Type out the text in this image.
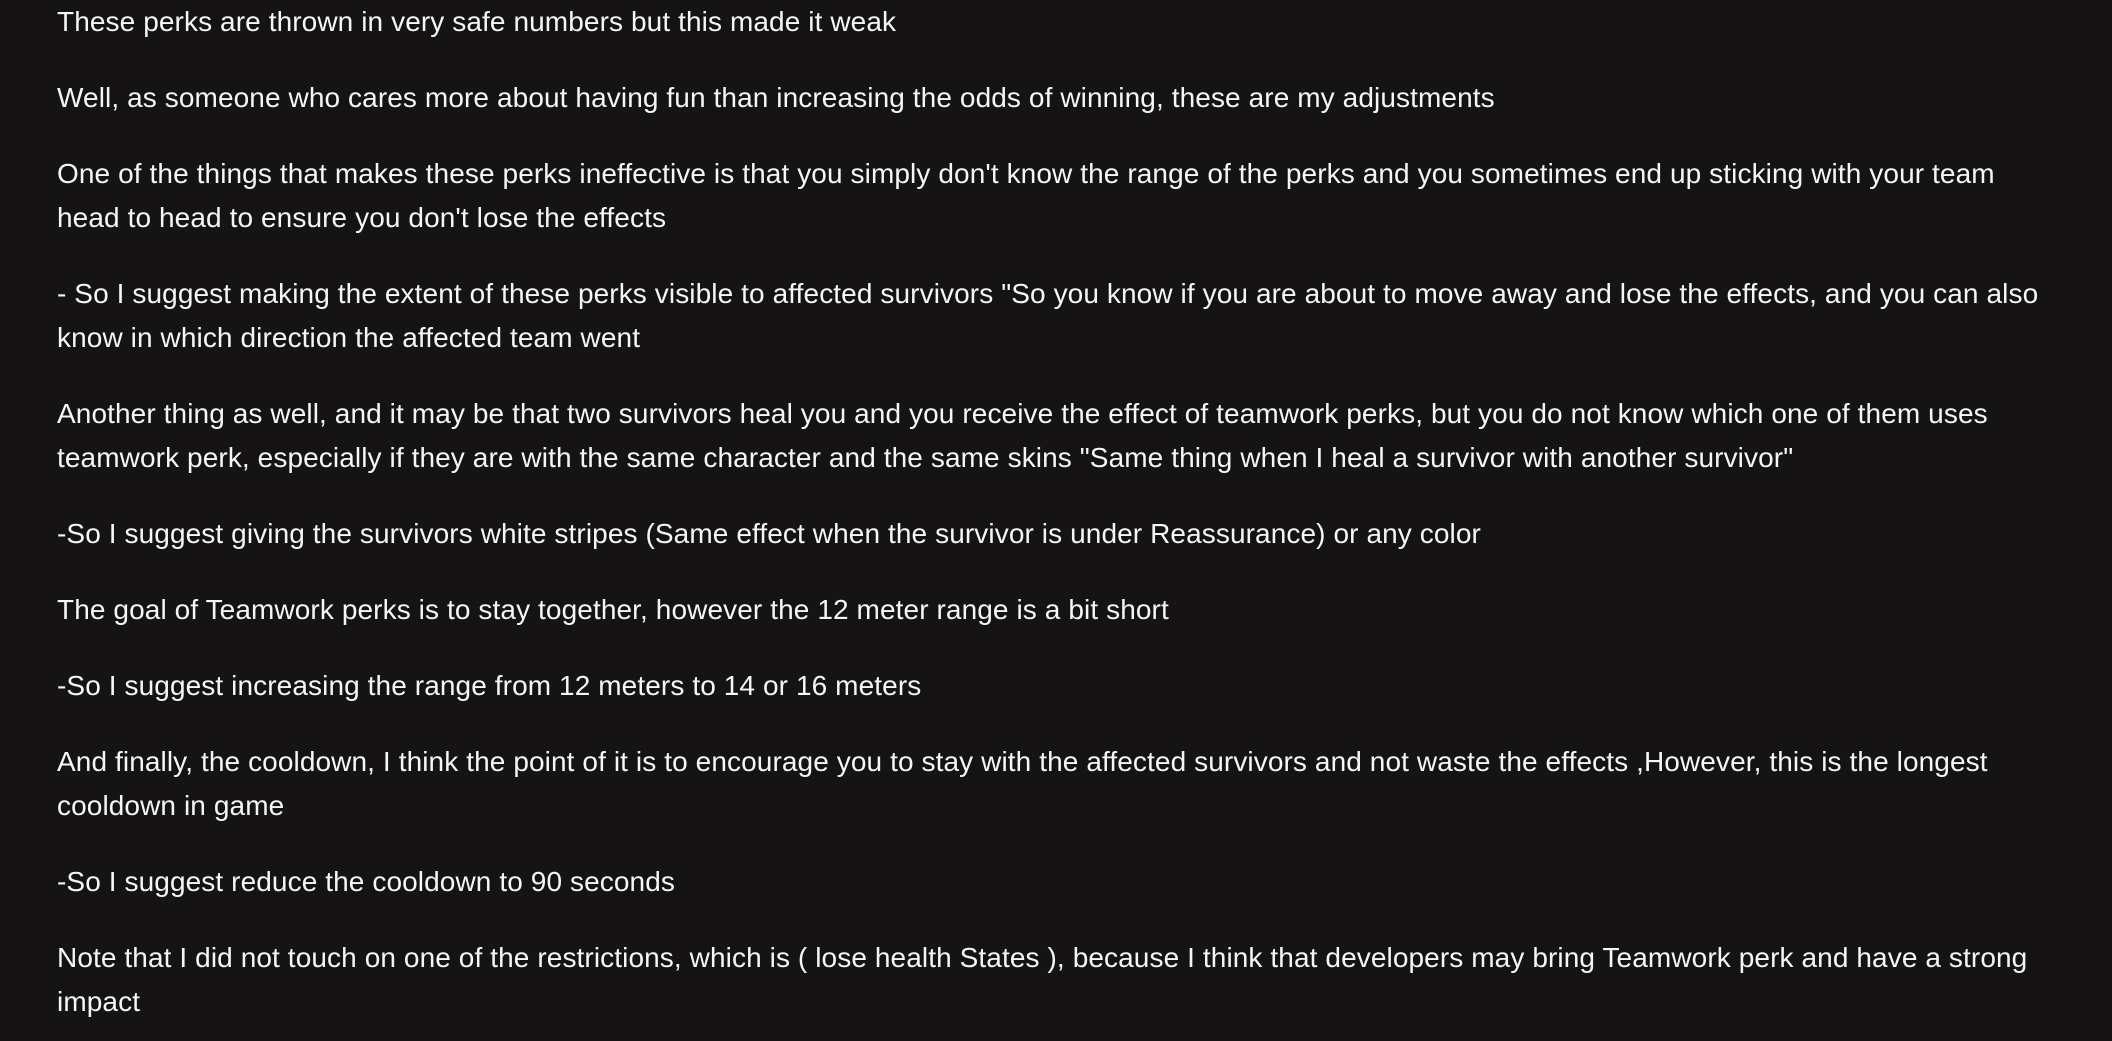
These perks are thrown in very safe numbers but this made it weak

Well, as someone who cares more about having fun than increasing the odds of winning, these are my adjustments

One of the things that makes these perks ineffective is that you simply don't know the range of the perks and you sometimes end up sticking with your team head to head to ensure you don't lose the effects

- So I suggest making the extent of these perks visible to affected survivors "So you know if you are about to move away and lose the effects, and you can also know in which direction the affected team went

Another thing as well, and it may be that two survivors heal you and you receive the effect of teamwork perks, but you do not know which one of them uses teamwork perk, especially if they are with the same character and the same skins "Same thing when I heal a survivor with another survivor"

-So I suggest giving the survivors white stripes (Same effect when the survivor is under Reassurance) or any color

The goal of Teamwork perks is to stay together, however the 12 meter range is a bit short

-So I suggest increasing the range from 12 meters to 14 or 16 meters

And finally, the cooldown, I think the point of it is to encourage you to stay with the affected survivors and not waste the effects ,However, this is the longest cooldown in game

-So I suggest reduce the cooldown to 90 seconds

Note that I did not touch on one of the restrictions, which is ( lose health States ), because I think that developers may bring Teamwork perk and have a strong impact
